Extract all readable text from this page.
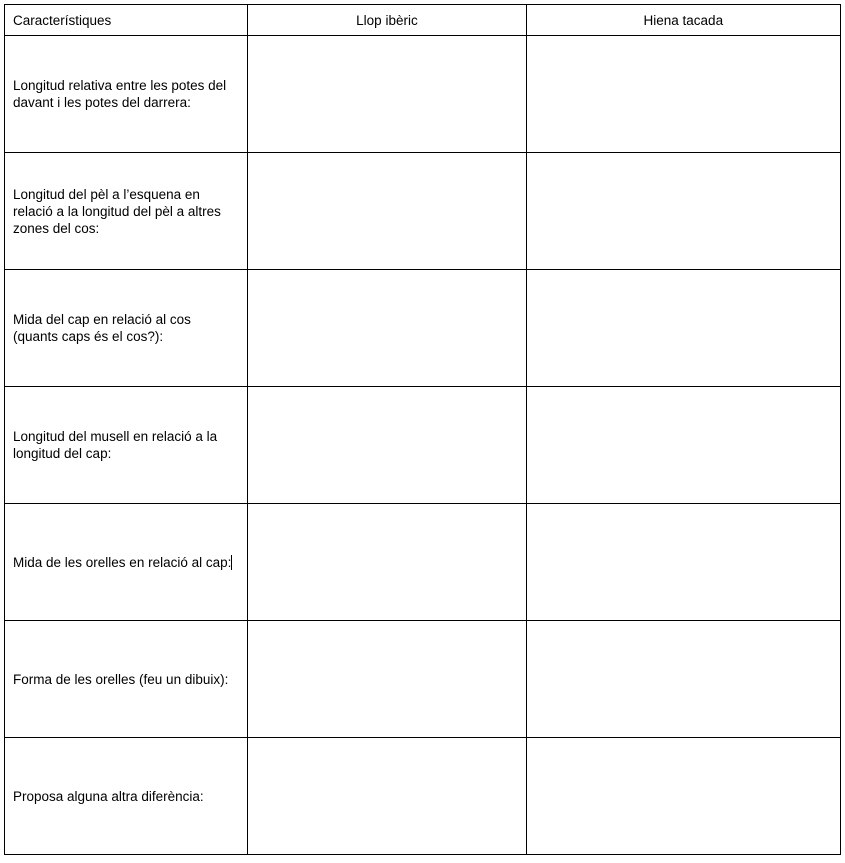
Característiques	Llop ibèric	Hiena tacada
Longitud relativa entre les potes del davant i les potes del darrera:		
Longitud del pèl a l’esquena en relació a la longitud del pèl a altres zones del cos:		
Mida del cap en relació al cos (quants caps és el cos?):		
Longitud del musell en relació a la longitud del cap:		
Mida de les orelles en relació al cap:		
Forma de les orelles (feu un dibuix):		
Proposa alguna altra diferència:		
